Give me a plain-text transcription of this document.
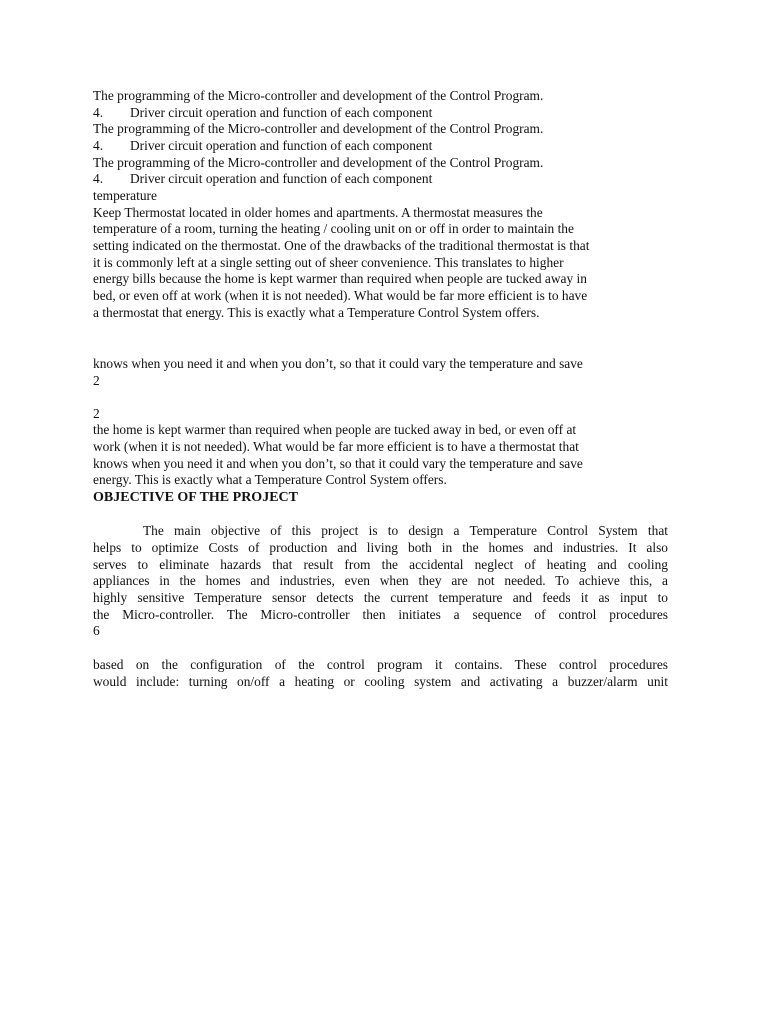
The programming of the Micro-controller and development of the Control Program.
4. Driver circuit operation and function of each component
The programming of the Micro-controller and development of the Control Program.
4. Driver circuit operation and function of each component
The programming of the Micro-controller and development of the Control Program.
4. Driver circuit operation and function of each component
temperature
Keep Thermostat located in older homes and apartments. A thermostat measures the
temperature of a room, turning the heating / cooling unit on or off in order to maintain the
setting indicated on the thermostat. One of the drawbacks of the traditional thermostat is that
it is commonly left at a single setting out of sheer convenience. This translates to higher
energy bills because the home is kept warmer than required when people are tucked away in
bed, or even off at work (when it is not needed). What would be far more efficient is to have
a thermostat that energy. This is exactly what a Temperature Control System offers.
knows when you need it and when you don’t, so that it could vary the temperature and save
2
2
the home is kept warmer than required when people are tucked away in bed, or even off at
work (when it is not needed). What would be far more efficient is to have a thermostat that
knows when you need it and when you don’t, so that it could vary the temperature and save
energy. This is exactly what a Temperature Control System offers.
OBJECTIVE OF THE PROJECT
The main objective of this project is to design a Temperature Control System that
helps to optimize Costs of production and living both in the homes and industries. It also
serves to eliminate hazards that result from the accidental neglect of heating and cooling
appliances in the homes and industries, even when they are not needed. To achieve this, a
highly sensitive Temperature sensor detects the current temperature and feeds it as input to
the Micro-controller. The Micro-controller then initiates a sequence of control procedures
6
based on the configuration of the control program it contains. These control procedures
would include: turning on/off a heating or cooling system and activating a buzzer/alarm unit
